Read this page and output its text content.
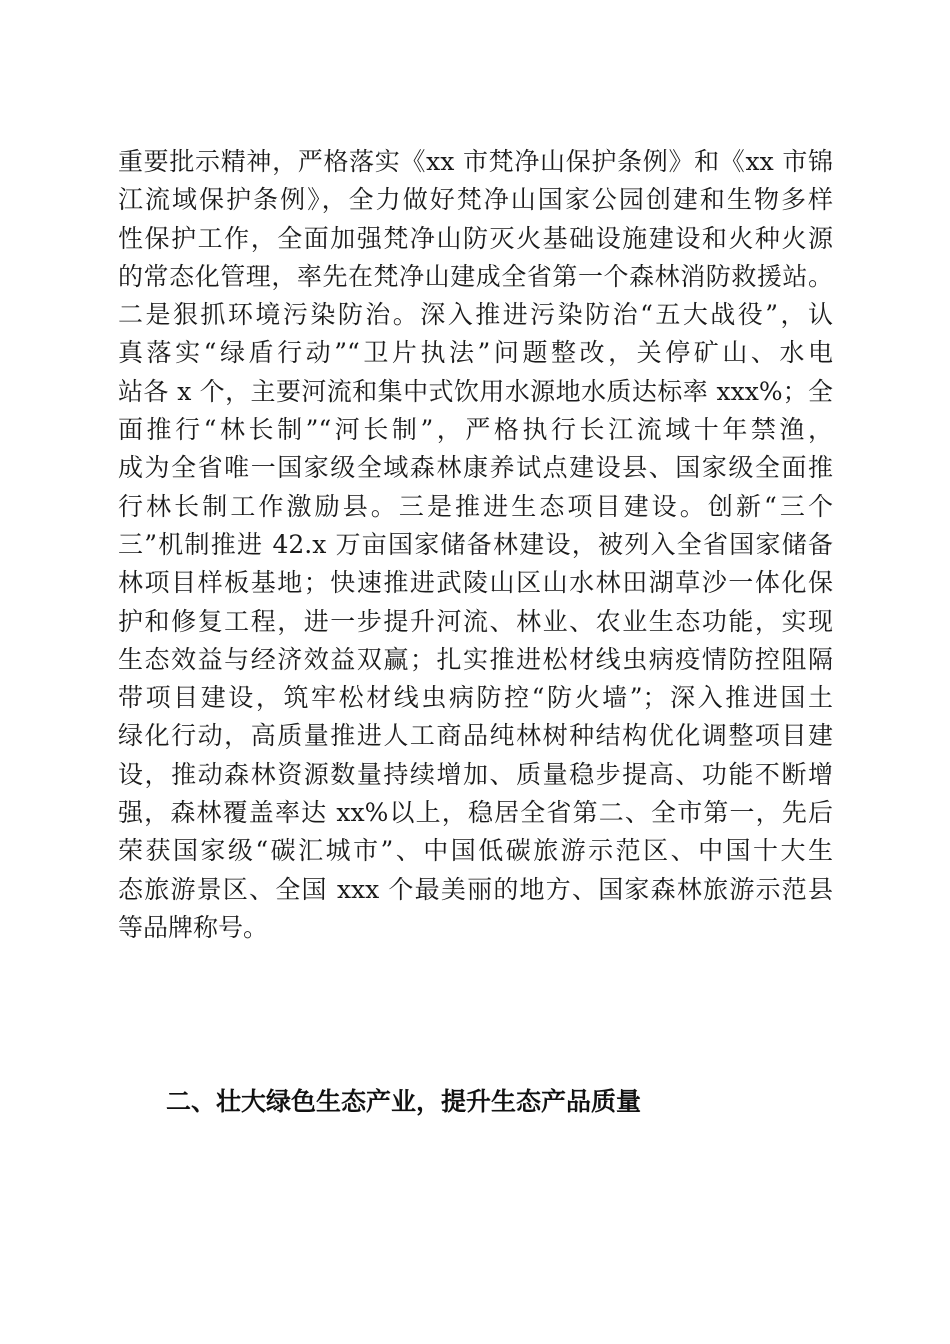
重要批示精神，严格落实《xx 市梵净山保护条例》和《xx 市锦
江流域保护条例》，全力做好梵净山国家公园创建和生物多样
性保护工作，全面加强梵净山防灭火基础设施建设和火种火源
的常态化管理，率先在梵净山建成全省第一个森林消防救援站。
二是狠抓环境污染防治。深入推进污染防治“五大战役”，认
真落实“绿盾行动”“卫片执法”问题整改，关停矿山、水电
站各 x 个，主要河流和集中式饮用水源地水质达标率 xxx%；全
面推行“林长制”“河长制”，严格执行长江流域十年禁渔，
成为全省唯一国家级全域森林康养试点建设县、国家级全面推
行林长制工作激励县。三是推进生态项目建设。创新“三个
三”机制推进 42.x 万亩国家储备林建设，被列入全省国家储备
林项目样板基地；快速推进武陵山区山水林田湖草沙一体化保
护和修复工程，进一步提升河流、林业、农业生态功能，实现
生态效益与经济效益双赢；扎实推进松材线虫病疫情防控阻隔
带项目建设，筑牢松材线虫病防控“防火墙”；深入推进国土
绿化行动，高质量推进人工商品纯林树种结构优化调整项目建
设，推动森林资源数量持续增加、质量稳步提高、功能不断增
强，森林覆盖率达 xx%以上，稳居全省第二、全市第一，先后
荣获国家级“碳汇城市”、中国低碳旅游示范区、中国十大生
态旅游景区、全国 xxx 个最美丽的地方、国家森林旅游示范县
等品牌称号。
二、壮大绿色生态产业，提升生态产品质量
